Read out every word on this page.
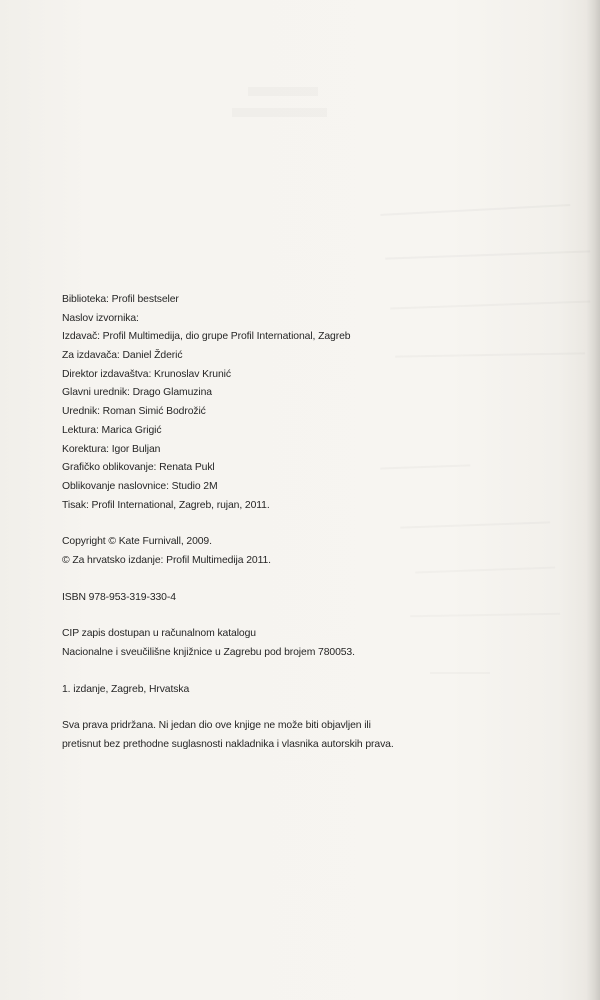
Biblioteka: Profil bestseler
Naslov izvornika:
Izdavač: Profil Multimedija, dio grupe Profil International, Zagreb
Za izdavača: Daniel Žderić
Direktor izdavaštva: Krunoslav Krunić
Glavni urednik: Drago Glamuzina
Urednik: Roman Simić Bodrožić
Lektura: Marica Grigić
Korektura: Igor Buljan
Grafičko oblikovanje: Renata Pukl
Oblikovanje naslovnice: Studio 2M
Tisak: Profil International, Zagreb, rujan, 2011.
Copyright © Kate Furnivall, 2009.
© Za hrvatsko izdanje: Profil Multimedija 2011.
ISBN 978-953-319-330-4
CIP zapis dostupan u računalnom katalogu
Nacionalne i sveučilišne knjižnice u Zagrebu pod brojem 780053.
1. izdanje, Zagreb, Hrvatska
Sva prava pridržana. Ni jedan dio ove knjige ne može biti objavljen ili
pretisnut bez prethodne suglasnosti nakladnika i vlasnika autorskih prava.
